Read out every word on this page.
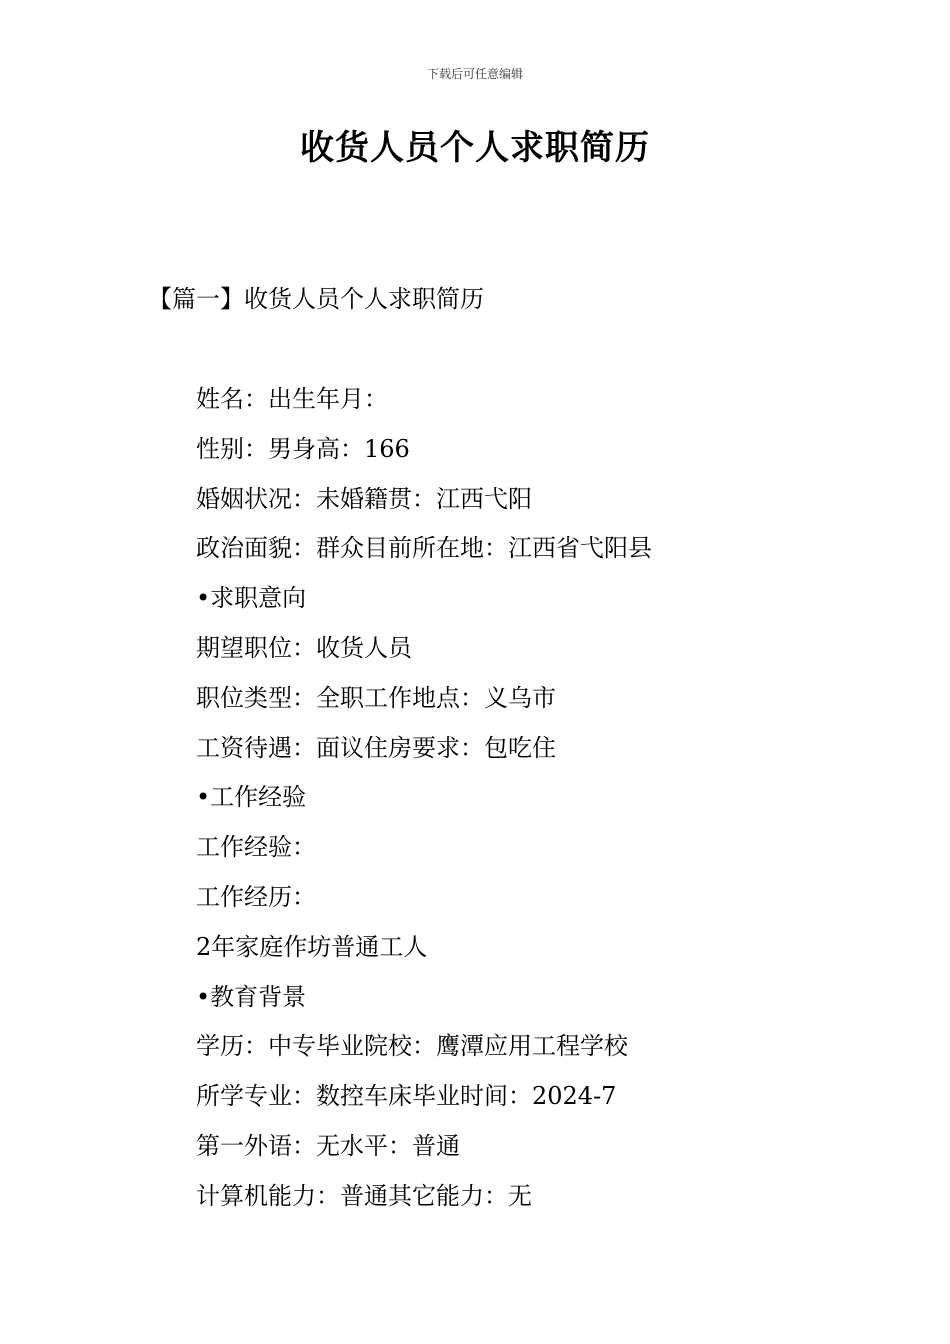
下载后可任意编辑
收货人员个人求职简历
【篇一】收货人员个人求职简历
姓名：出生年月：
性别：男身高：166
婚姻状况：未婚籍贯：江西弋阳
政治面貌：群众目前所在地：江西省弋阳县
•求职意向
期望职位：收货人员
职位类型：全职工作地点：义乌市
工资待遇：面议住房要求：包吃住
•工作经验
工作经验：
工作经历：
2年家庭作坊普通工人
•教育背景
学历：中专毕业院校：鹰潭应用工程学校
所学专业：数控车床毕业时间：2024-7
第一外语：无水平：普通
计算机能力：普通其它能力：无
